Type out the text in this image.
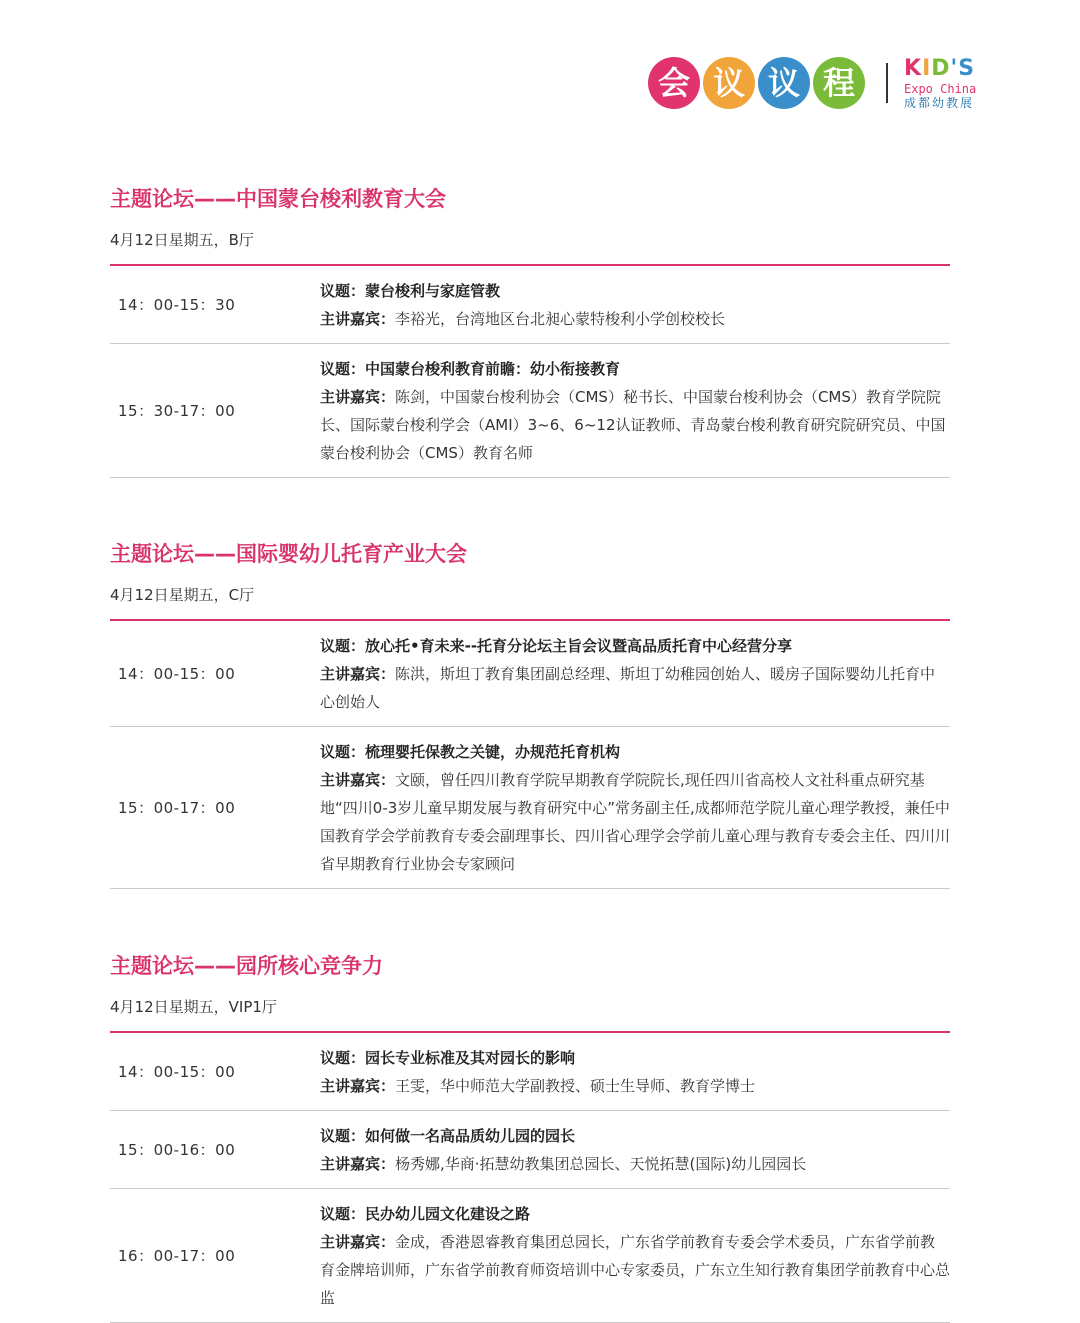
会 议 议 程	KID'S
Expo China
成都幼教展
主题论坛——中国蒙台梭利教育大会
4月12日星期五，B厅
14：00-15：30
议题：蒙台梭利与家庭管教
主讲嘉宾：李裕光，台湾地区台北昶心蒙特梭利小学创校校长
15：30-17：00
议题：中国蒙台梭利教育前瞻：幼小衔接教育
主讲嘉宾：陈剑，中国蒙台梭利协会（CMS）秘书长、中国蒙台梭利协会（CMS）教育学院院长、国际蒙台梭利学会（AMI）3~6、6~12认证教师、青岛蒙台梭利教育研究院研究员、中国蒙台梭利协会（CMS）教育名师
主题论坛——国际婴幼儿托育产业大会
4月12日星期五，C厅
14：00-15：00
议题：放心托•育未来--托育分论坛主旨会议暨高品质托育中心经营分享
主讲嘉宾：陈洪，斯坦丁教育集团副总经理、斯坦丁幼稚园创始人、暖房子国际婴幼儿托育中心创始人
15：00-17：00
议题：梳理婴托保教之关键，办规范托育机构
主讲嘉宾：文颐，曾任四川教育学院早期教育学院院长,现任四川省高校人文社科重点研究基地“四川0-3岁儿童早期发展与教育研究中心”常务副主任,成都师范学院儿童心理学教授，兼任中国教育学会学前教育专委会副理事长、四川省心理学会学前儿童心理与教育专委会主任、四川川省早期教育行业协会专家顾问
主题论坛——园所核心竞争力
4月12日星期五，VIP1厅
14：00-15：00
议题：园长专业标准及其对园长的影响
主讲嘉宾：王雯，华中师范大学副教授、硕士生导师、教育学博士
15：00-16：00
议题：如何做一名高品质幼儿园的园长
主讲嘉宾：杨秀娜,华商·拓慧幼教集团总园长、天悦拓慧(国际)幼儿园园长
16：00-17：00
议题：民办幼儿园文化建设之路
主讲嘉宾：金成，香港恩睿教育集团总园长，广东省学前教育专委会学术委员，广东省学前教育金牌培训师，广东省学前教育师资培训中心专家委员，广东立生知行教育集团学前教育中心总监
